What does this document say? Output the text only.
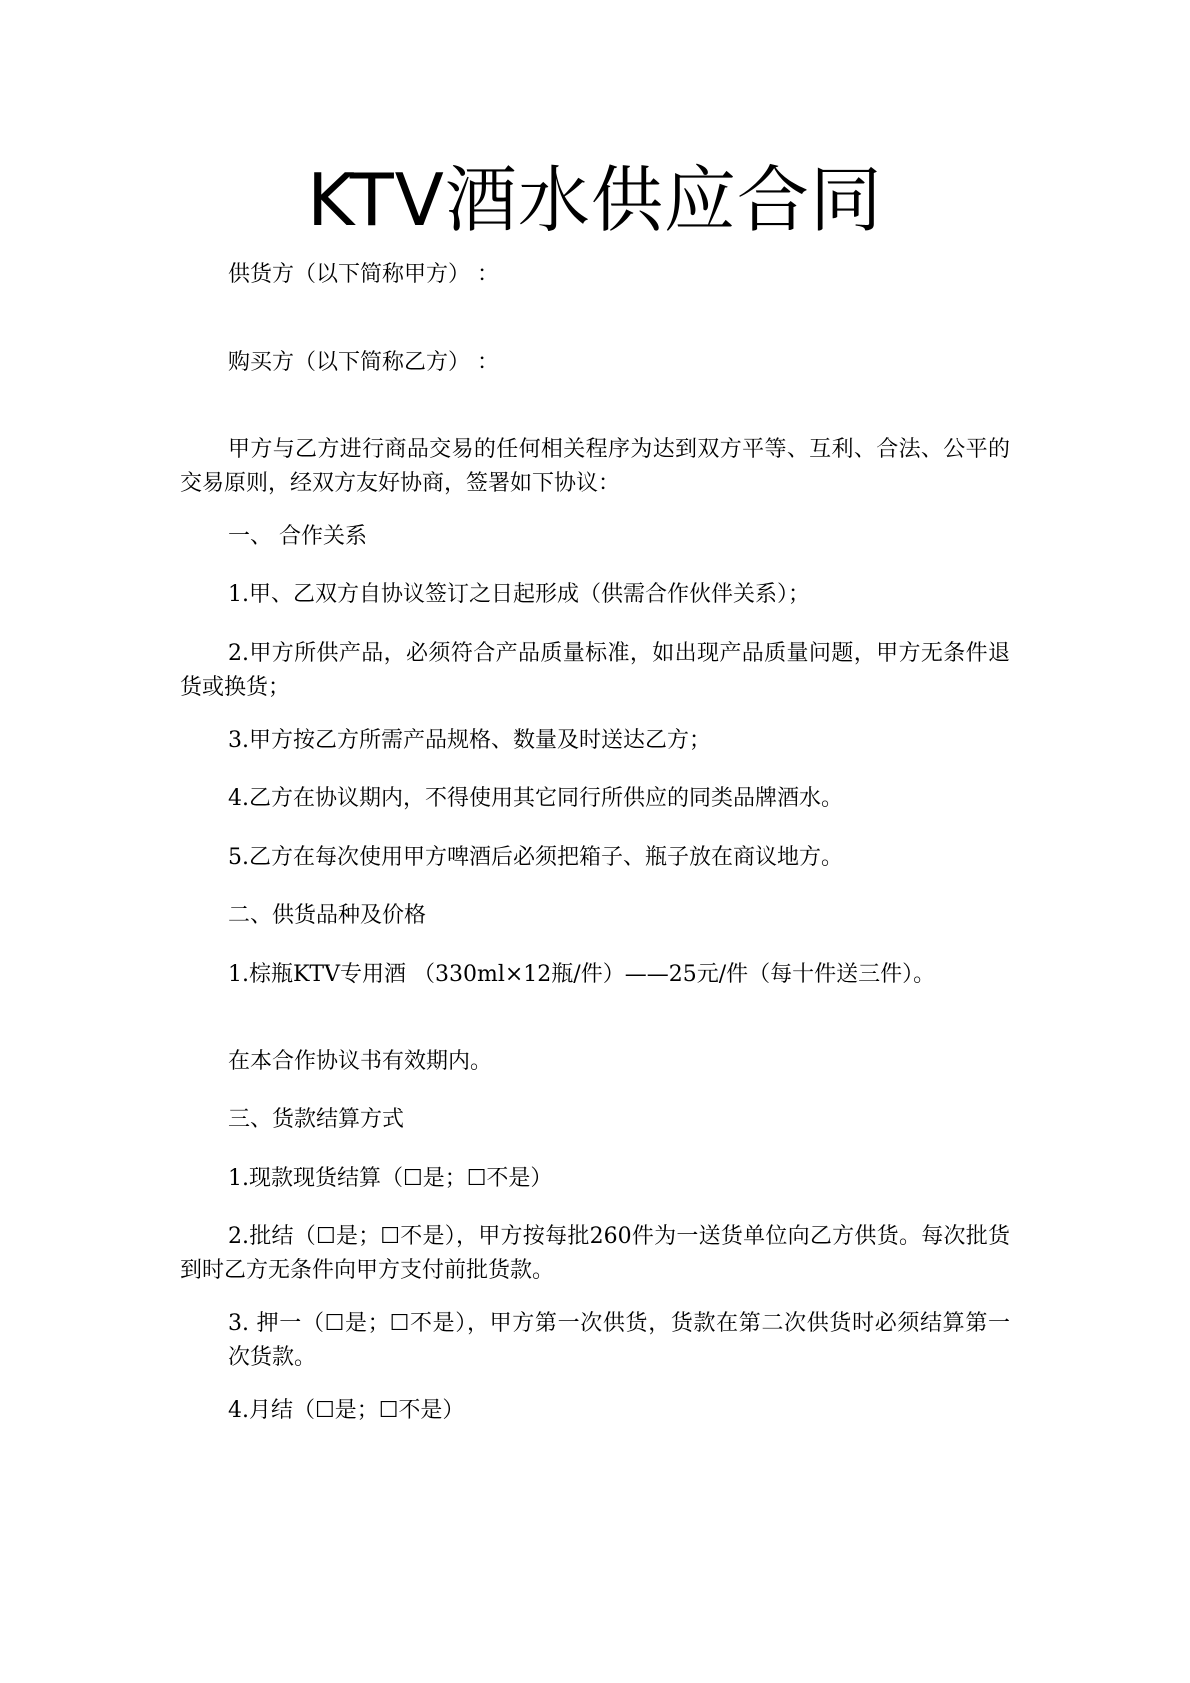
KTV酒水供应合同
供货方（以下简称甲方） ：
购买方（以下简称乙方） ：
甲方与乙方进行商品交易的任何相关程序为达到双方平等、互利、合法、公平的交易原则，经双方友好协商，签署如下协议：
一、 合作关系
1.甲、乙双方自协议签订之日起形成（供需合作伙伴关系）；
2.甲方所供产品，必须符合产品质量标准，如出现产品质量问题，甲方无条件退货或换货；
3.甲方按乙方所需产品规格、数量及时送达乙方；
4.乙方在协议期内，不得使用其它同行所供应的同类品牌酒水。
5.乙方在每次使用甲方啤酒后必须把箱子、瓶子放在商议地方。
二、供货品种及价格
1.棕瓶KTV专用酒 （330ml×12瓶/件）——25元/件（每十件送三件）。
在本合作协议书有效期内。
三、货款结算方式
1.现款现货结算（☐是；☐不是）
2.批结（☐是；☐不是），甲方按每批260件为一送货单位向乙方供货。每次批货到时乙方无条件向甲方支付前批货款。
3. 押一（☐是；☐不是），甲方第一次供货，货款在第二次供货时必须结算第一次货款。
4.月结（☐是；☐不是）
